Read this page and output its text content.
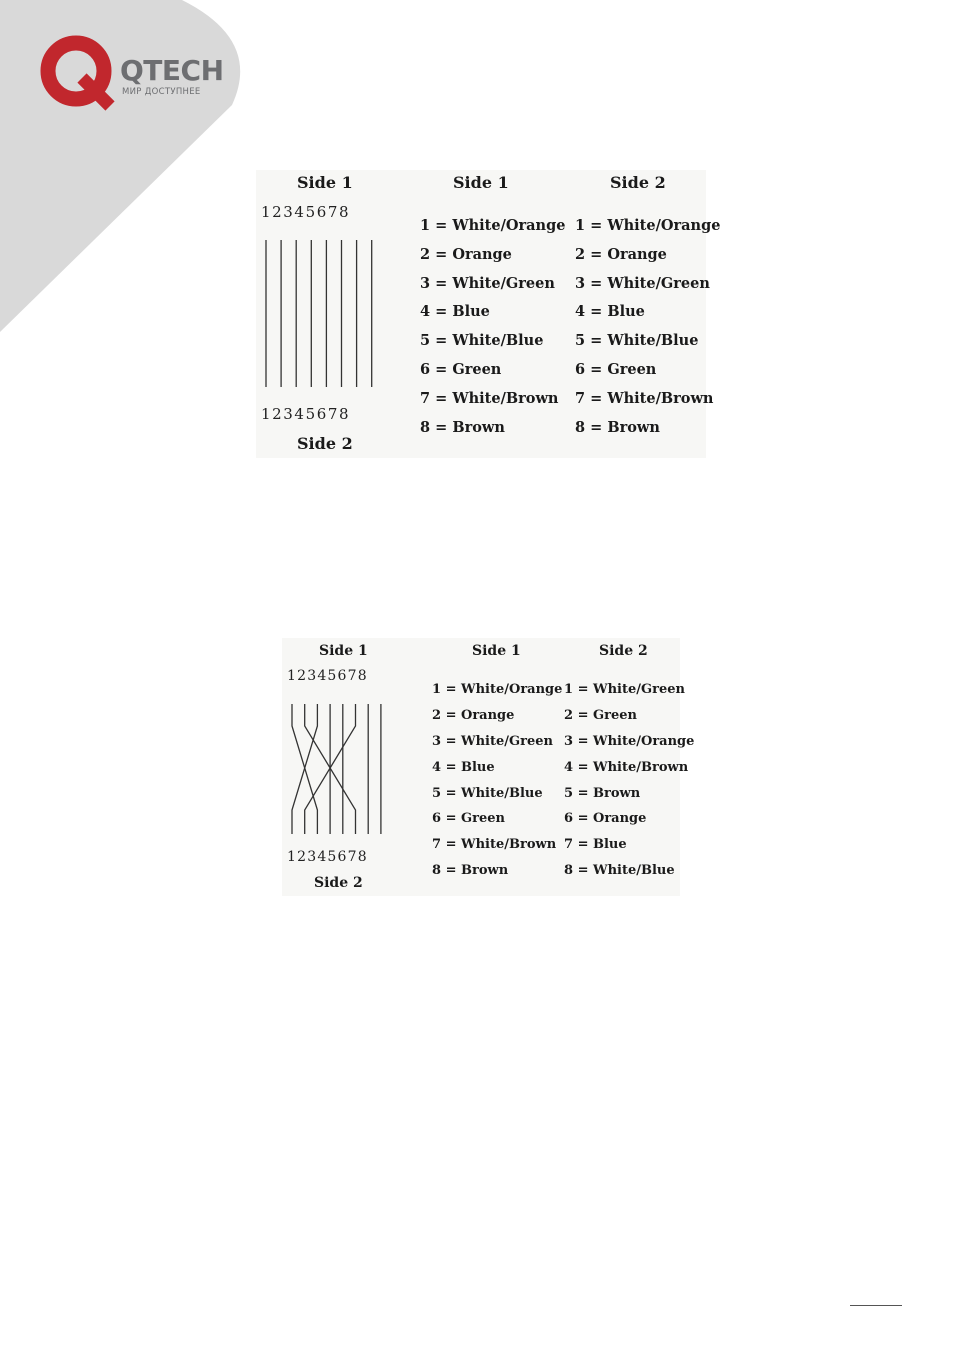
QTECH
МИР ДОСТУПНЕЕ
Side 1
12345678
12345678
Side 2
Side 1	Side 2
1 = White/Orange
2 = Orange
3 = White/Green
4 = Blue
5 = White/Blue
6 = Green
7 = White/Brown
8 = Brown
1 = White/Orange
2 = Orange
3 = White/Green
4 = Blue
5 = White/Blue
6 = Green
7 = White/Brown
8 = Brown
Side 1
12345678
12345678
Side 2
Side 1	Side 2
1 = White/Orange
2 = Orange
3 = White/Green
4 = Blue
5 = White/Blue
6 = Green
7 = White/Brown
8 = Brown
1 = White/Green
2 = Green
3 = White/Orange
4 = White/Brown
5 = Brown
6 = Orange
7 = Blue
8 = White/Blue
